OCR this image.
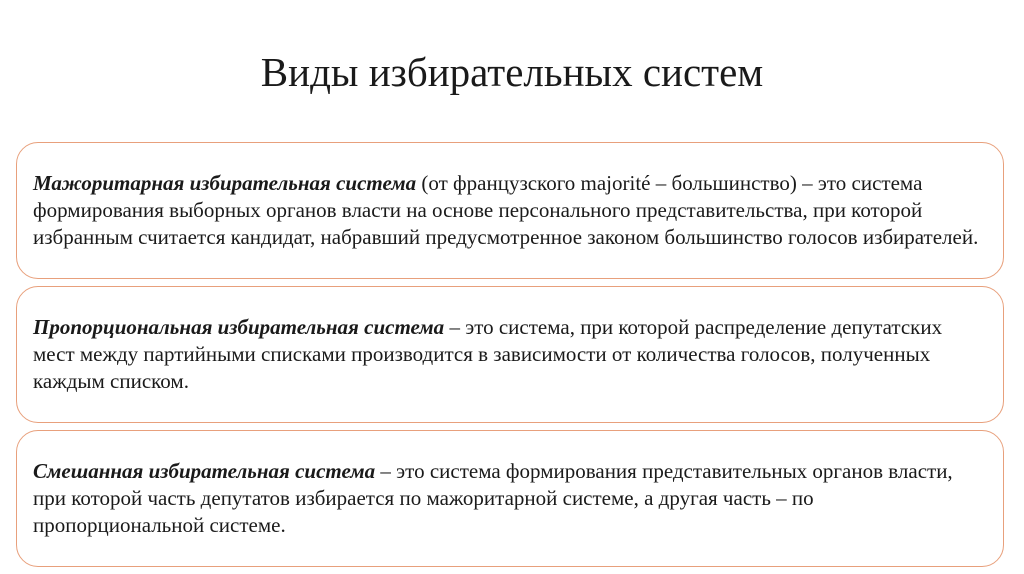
Виды избирательных систем

Мажоритарная избирательная система (от французского majorité – большинство) – это система формирования выборных органов власти на основе персонального представительства, при которой избранным считается кандидат, набравший предусмотренное законом большинство голосов избирателей.

Пропорциональная избирательная система – это система, при которой распределение депутатских мест между партийными списками производится в зависимости от количества голосов, полученных каждым списком.

Смешанная избирательная система – это система формирования представительных органов власти, при которой часть депутатов избирается по мажоритарной системе, а другая часть – по пропорциональной системе.
